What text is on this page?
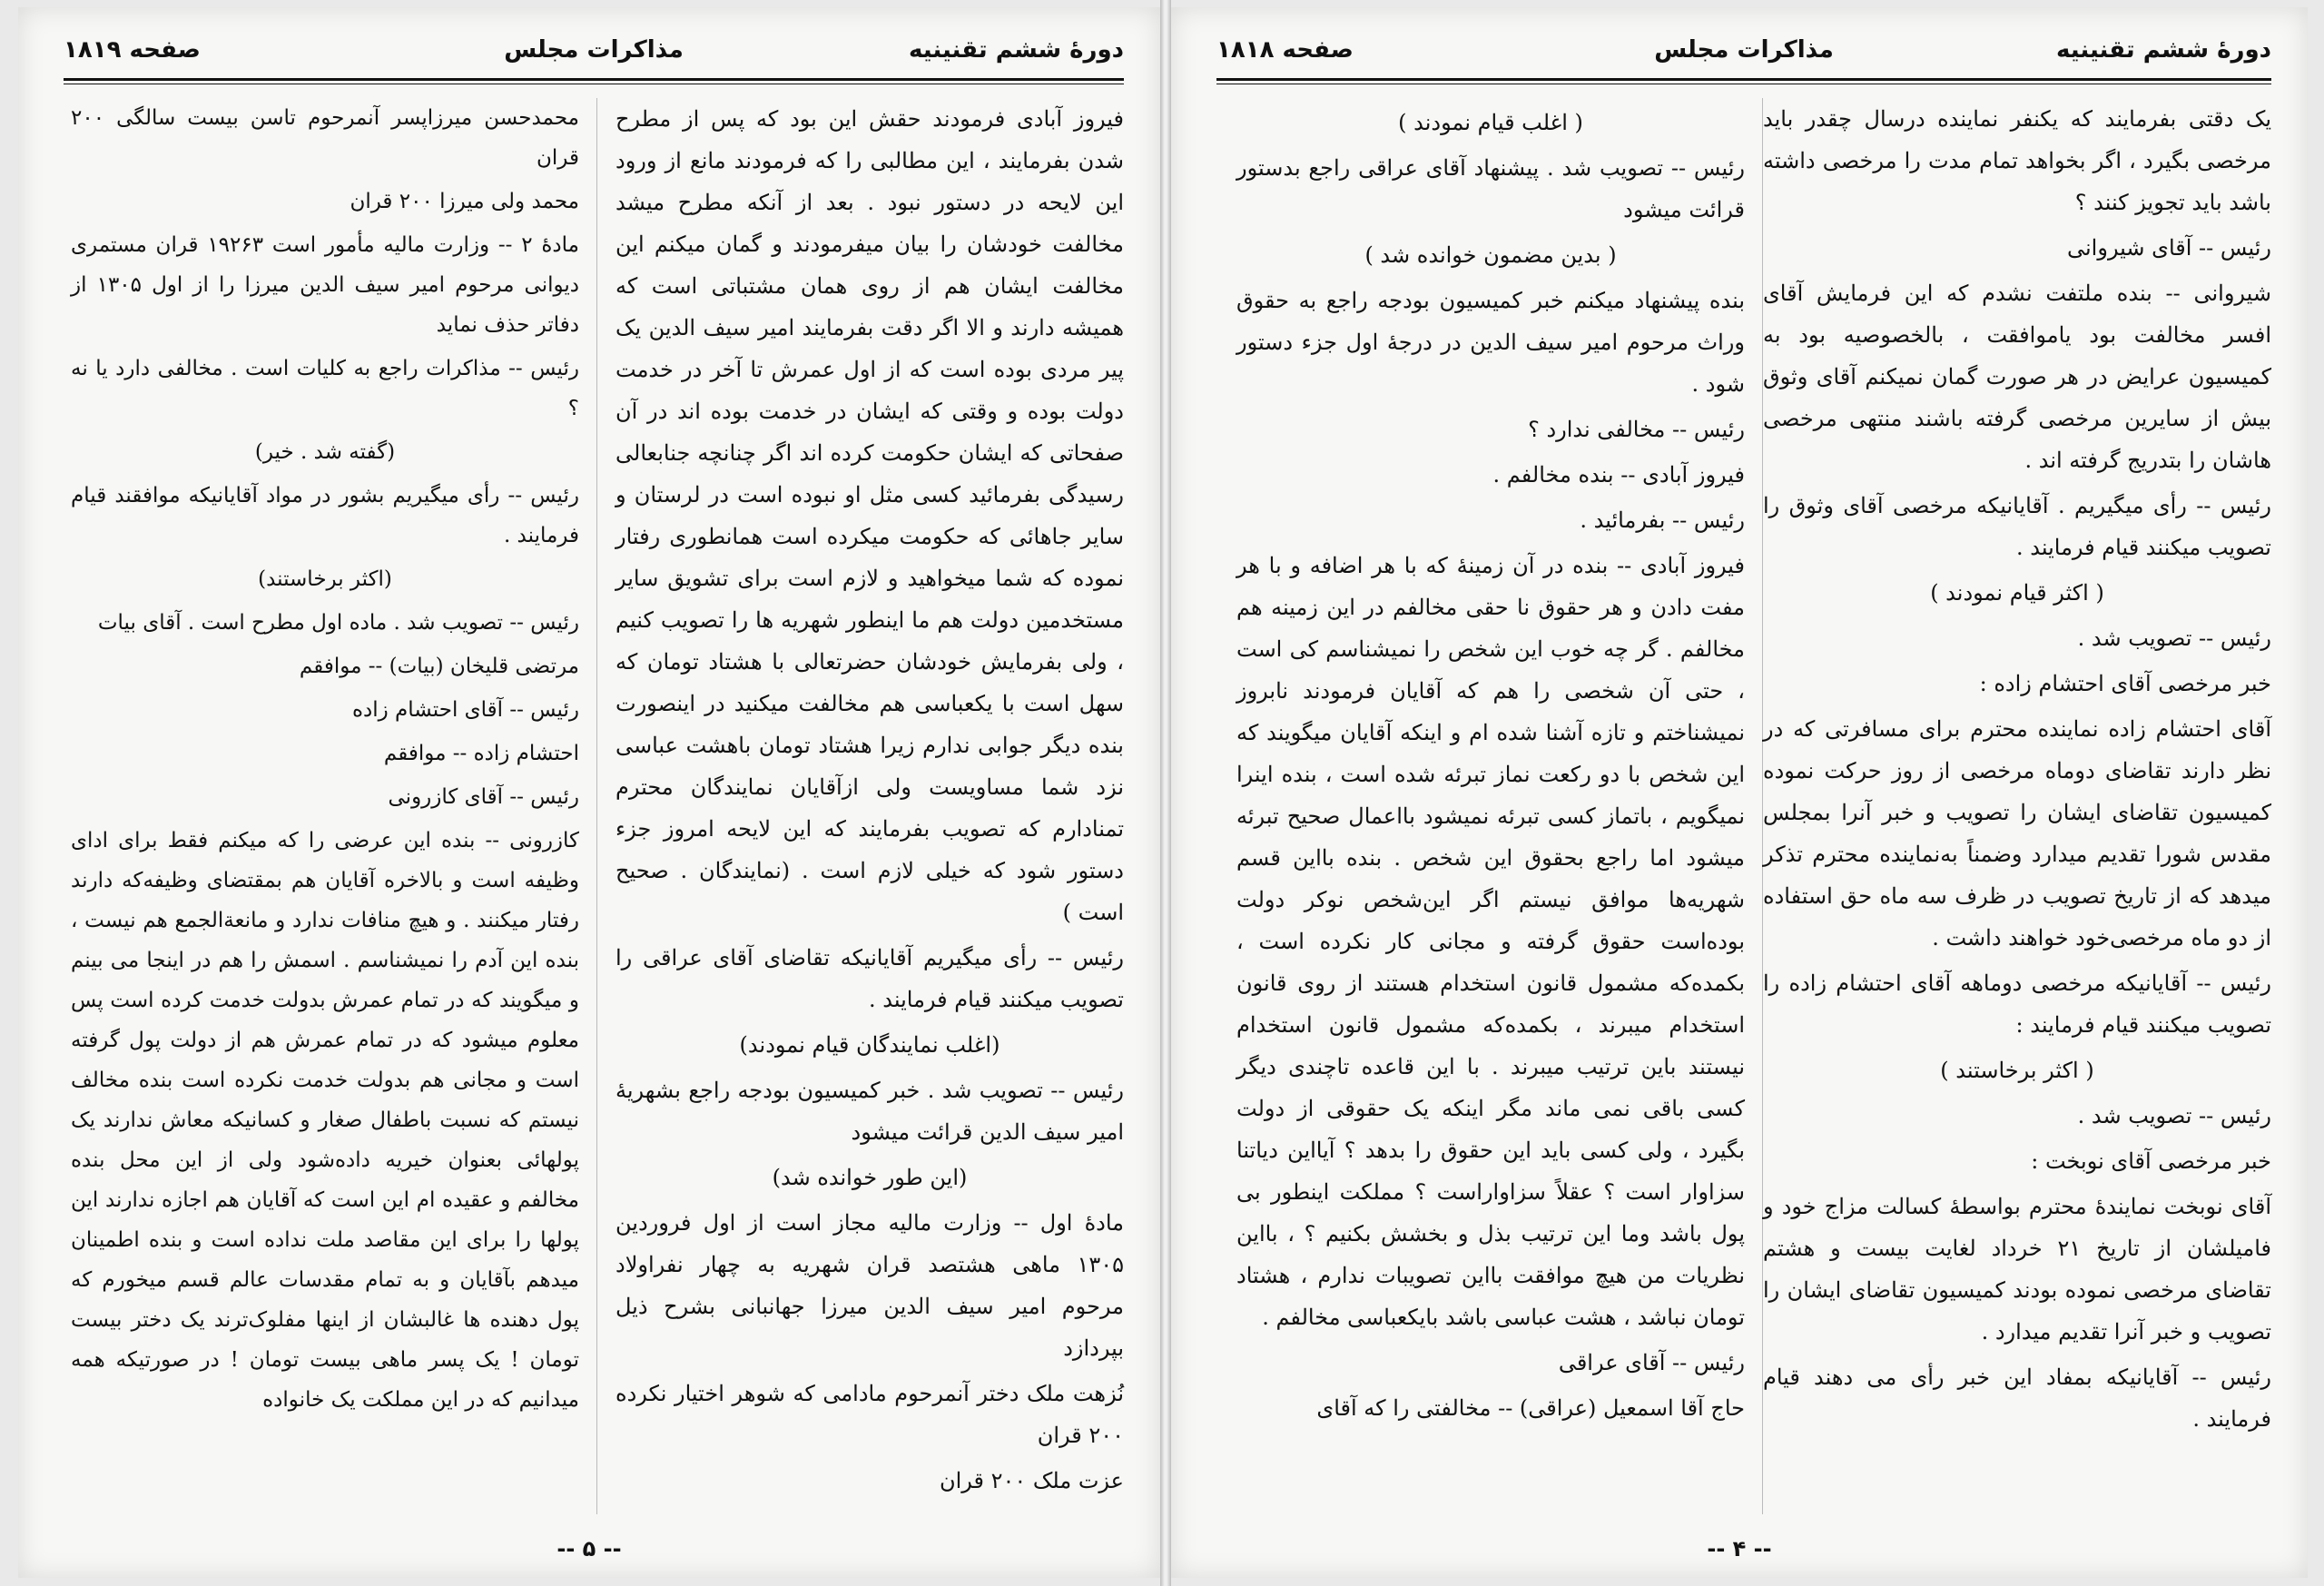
دورهٔ ششم تقنینیه
مذاکرات مجلس
صفحه ۱۸۱۹
فیروز آبادی فرمودند حقش این بود که پس از مطرح شدن بفرمایند ، این مطالبی را که فرمودند مانع از ورود این لایحه در دستور نبود . بعد از آنکه مطرح میشد مخالفت خودشان را بیان میفرمودند و گمان میکنم این مخالفت ایشان هم از روی همان مشتباتی است که همیشه دارند و الا اگر دقت بفرمایند امیر سیف الدین یک پیر مردی بوده است که از اول عمرش تا آخر در خدمت دولت بوده و وقتی که ایشان در خدمت بوده اند در آن صفحاتی که ایشان حکومت کرده اند اگر چنانچه جنابعالی رسیدگی بفرمائید کسی مثل او نبوده است در لرستان و سایر جاهائی که حکومت میکرده است همانطوری رفتار نموده که شما میخواهید و لازم است برای تشویق سایر مستخدمین دولت هم ما اینطور شهریه ها را تصویب کنیم ، ولی بفرمایش خودشان حضرتعالی با هشتاد تومان که سهل است با یکعباسی هم مخالفت میکنید در اینصورت بنده دیگر جوابی ندارم زیرا هشتاد تومان باهشت عباسی نزد شما مساویست ولی ازآقایان نمایندگان محترم تمنادارم که تصویب بفرمایند که این لایحه امروز جزء دستور شود که خیلی لازم است . (نمایندگان . صحیح است )
رئیس -- رأی میگیریم آقایانیکه تقاضای آقای عراقی را تصویب میکنند قیام فرمایند .
(اغلب نمایندگان قیام نمودند)
رئیس -- تصویب شد . خبر کمیسیون بودجه راجع بشهریهٔ امیر سیف الدین قرائت میشود
(این طور خوانده شد)
مادهٔ اول -- وزارت مالیه مجاز است از اول فروردین ۱۳۰۵ ماهی هشتصد قران شهریه به چهار نفراولاد مرحوم امیر سیف الدین میرزا جهانبانی بشرح ذیل بپردازد
نُزهت ملک دختر آنمرحوم مادامی که شوهر اختیار نکرده ۲۰۰ قران
عزت ملک ۲۰۰ قران
محمدحسن میرزاپسر آنمرحوم تاسن بیست سالگی ۲۰۰ قران
محمد ولی میرزا ۲۰۰ قران
مادهٔ ۲ -- وزارت مالیه مأمور است ۱۹۲۶۳ قران مستمری دیوانی مرحوم امیر سیف الدین میرزا را از اول ۱۳۰۵ از دفاتر حذف نماید
رئیس -- مذاکرات راجع به کلیات است . مخالفی دارد یا نه ؟
(گفته شد . خیر)
رئیس -- رأی میگیریم بشور در مواد آقایانیکه موافقند قیام فرمایند .
(اکثر برخاستند)
رئیس -- تصویب شد . ماده اول مطرح است . آقای بیات
مرتضی قلیخان (بیات) -- موافقم
رئیس -- آقای احتشام زاده
احتشام زاده -- موافقم
رئیس -- آقای کازرونی
کازرونی -- بنده این عرضی را که میکنم فقط برای ادای وظیفه است و بالاخره آقایان هم بمقتضای وظیفه‌که دارند رفتار میکنند . و هیچ منافات ندارد و مانعةالجمع هم نیست ، بنده این آدم را نمیشناسم . اسمش را هم در اینجا می بینم و میگویند که در تمام عمرش بدولت خدمت کرده است پس معلوم میشود که در تمام عمرش هم از دولت پول گرفته است و مجانی هم بدولت خدمت نکرده است بنده مخالف نیستم که نسبت باطفال صغار و کسانیکه معاش ندارند یک پولهائی بعنوان خیریه داده‌شود ولی از این محل بنده مخالفم و عقیده ام این است که آقایان هم اجازه ندارند این پولها را برای این مقاصد ملت نداده است و بنده اطمینان میدهم بآقایان و به تمام مقدسات عالم قسم میخورم که پول دهنده ها غالبشان از اینها مفلوک‌ترند یک دختر بیست تومان ! یک پسر ماهی بیست تومان ! در صورتیکه همه میدانیم که در این مملکت یک خانواده
-- ۵ --
دورهٔ ششم تقنینیه
مذاکرات مجلس
صفحه ۱۸۱۸
یک دقتی بفرمایند که یکنفر نماینده درسال چقدر باید مرخصی بگیرد ، اگر بخواهد تمام مدت را مرخصی داشته باشد باید تجویز کنند ؟
رئیس -- آقای شیروانی
شیروانی -- بنده ملتفت نشدم که این فرمایش آقای افسر مخالفت بود یاموافقت ، بالخصوصیه بود به کمیسیون عرایض در هر صورت گمان نمیکنم آقای وثوق بیش از سایرین مرخصی گرفته باشند منتهی مرخصی هاشان را بتدریج گرفته اند .
رئیس -- رأی میگیریم . آقایانیکه مرخصی آقای وثوق را تصویب میکنند قیام فرمایند .
( اکثر قیام نمودند )
رئیس -- تصویب شد .
خبر مرخصی آقای احتشام زاده :
آقای احتشام زاده نماینده محترم برای مسافرتی که در نظر دارند تقاضای دوماه مرخصی از روز حرکت نموده کمیسیون تقاضای ایشان را تصویب و خبر آنرا بمجلس مقدس شورا تقدیم میدارد وضمناً به‌نماینده محترم تذکر میدهد که از تاریخ تصویب در ظرف سه ماه حق استفاده از دو ماه مرخصی‌خود خواهند داشت .
رئیس -- آقایانیکه مرخصی دوماهه آقای احتشام زاده را تصویب میکنند قیام فرمایند :
( اکثر برخاستند )
رئیس -- تصویب شد .
خبر مرخصی آقای نوبخت :
آقای نوبخت نمایندهٔ محترم بواسطهٔ کسالت مزاج خود و فامیلشان از تاریخ ۲۱ خرداد لغایت بیست و هشتم تقاضای مرخصی نموده بودند کمیسیون تقاضای ایشان را تصویب و خبر آنرا تقدیم میدارد .
رئیس -- آقایانیکه بمفاد این خبر رأی می دهند قیام فرمایند .
( اغلب قیام نمودند )
رئیس -- تصویب شد . پیشنهاد آقای عراقی راجع بدستور قرائت میشود
( بدین مضمون خوانده شد )
بنده پیشنهاد میکنم خبر کمیسیون بودجه راجع به حقوق وراث مرحوم امیر سیف الدین در درجهٔ اول جزء دستور شود .
رئیس -- مخالفی ندارد ؟
فیروز آبادی -- بنده مخالفم .
رئیس -- بفرمائید .
فیروز آبادی -- بنده در آن زمینهٔ که با هر اضافه و با هر مفت دادن و هر حقوق نا حقی مخالفم در این زمینه هم مخالفم . گر چه خوب این شخص را نمیشناسم کی است ، حتی آن شخصی را هم که آقایان فرمودند نابروز نمیشناختم و تازه آشنا شده ام و اینکه آقایان میگویند که این شخص با دو رکعت نماز تبرئه شده است ، بنده اینرا نمیگویم ، باتماز کسی تبرئه نمیشود بااعمال صحیح تبرئه میشود اما راجع بحقوق این شخص . بنده بااین قسم شهریه‌ها موافق نیستم اگر این‌شخص نوکر دولت بوده‌است حقوق گرفته و مجانی کار نکرده است ، بکمده‌که مشمول قانون استخدام هستند از روی قانون استخدام میبرند ، بکمده‌که مشمول قانون استخدام نیستند باین ترتیب میبرند . با این قاعده تاچندی دیگر کسی باقی نمی ماند مگر اینکه یک حقوقی از دولت بگیرد ، ولی کسی باید این حقوق را بدهد ؟ آیااین دیاتنا سزاوار است ؟ عقلاً سزاواراست ؟ مملکت اینطور بی پول باشد وما این ترتیب بذل و بخشش بکنیم ؟ ، بااین نظریات من هیچ موافقت بااین تصویبات ندارم ، هشتاد تومان نباشد ، هشت عباسی باشد بایکعباسی مخالفم .
رئیس -- آقای عراقی
حاج آقا اسمعیل (عراقی) -- مخالفتی را که آقای
-- ۴ --
